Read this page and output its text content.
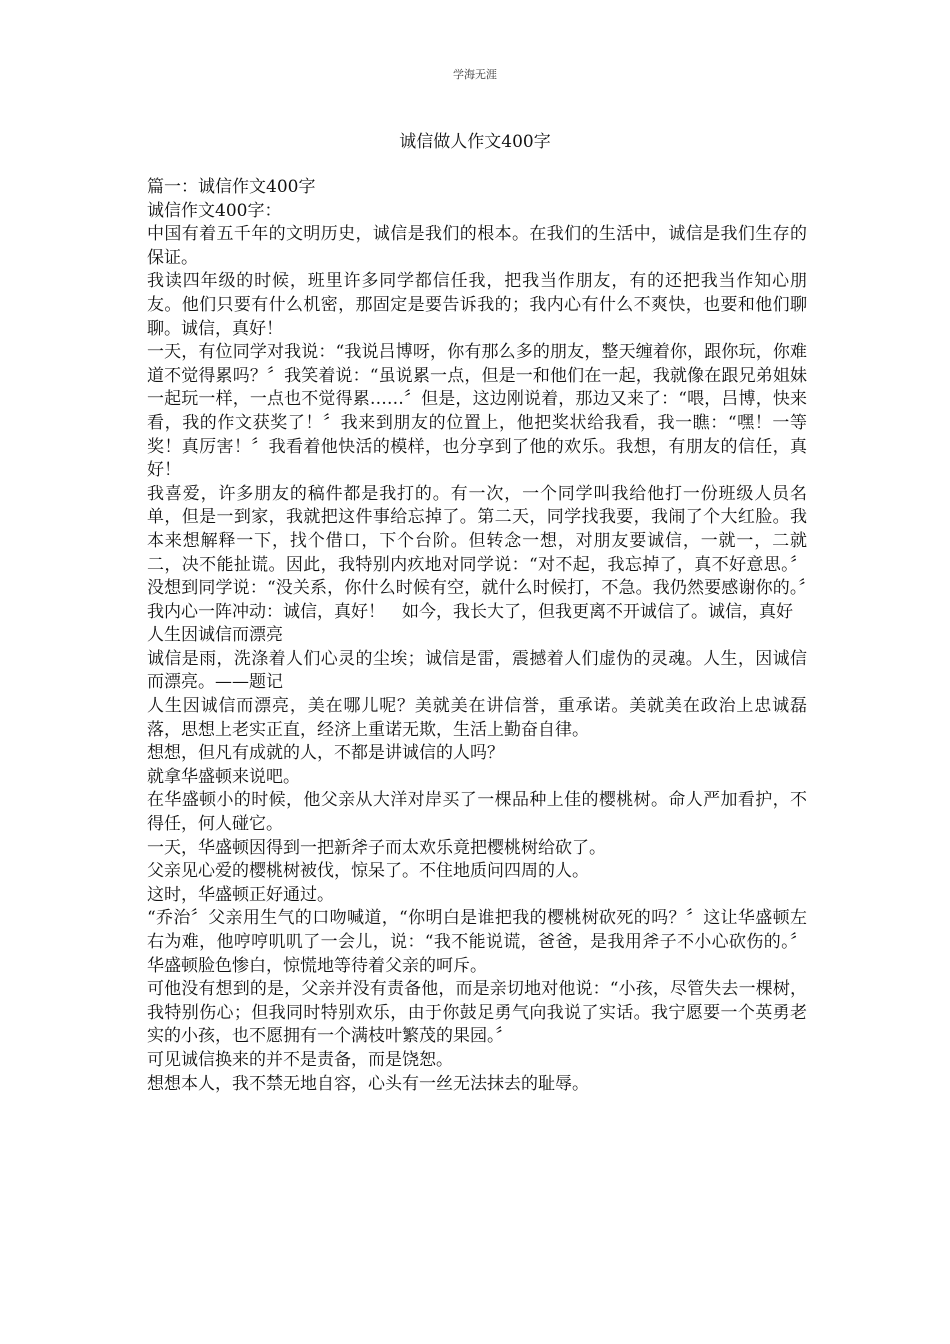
学海无涯
诚信做人作文400字

篇一：诚信作文400字

诚信作文400字：

中国有着五千年的文明历史，诚信是我们的根本。在我们的生活中，诚信是我们生存的保证。

我读四年级的时候，班里许多同学都信任我，把我当作朋友，有的还把我当作知心朋友。他们只要有什么机密，那固定是要告诉我的；我内心有什么不爽快，也要和他们聊聊。诚信，真好！

一天，有位同学对我说：“我说吕博呀，你有那么多的朋友，整天缠着你，跟你玩，你难道不觉得累吗？〞我笑着说：“虽说累一点，但是一和他们在一起，我就像在跟兄弟姐妹一起玩一样，一点也不觉得累……〞但是，这边刚说着，那边又来了：“喂，吕博，快来看，我的作文获奖了！〞我来到朋友的位置上，他把奖状给我看，我一瞧：“嘿！一等奖！真厉害！〞我看着他快活的模样，也分享到了他的欢乐。我想，有朋友的信任，真好！

我喜爱，许多朋友的稿件都是我打的。有一次，一个同学叫我给他打一份班级人员名单，但是一到家，我就把这件事给忘掉了。第二天，同学找我要，我闹了个大红脸。我本来想解释一下，找个借口，下个台阶。但转念一想，对朋友要诚信，一就一，二就二，决不能扯谎。因此，我特别内疚地对同学说：“对不起，我忘掉了，真不好意思。〞没想到同学说：“没关系，你什么时候有空，就什么时候打，不急。我仍然要感谢你的。〞我内心一阵冲动：诚信，真好！　如今，我长大了，但我更离不开诚信了。诚信，真好

人生因诚信而漂亮

诚信是雨，洗涤着人们心灵的尘埃；诚信是雷，震撼着人们虚伪的灵魂。人生，因诚信而漂亮。——题记

人生因诚信而漂亮，美在哪儿呢？美就美在讲信誉，重承诺。美就美在政治上忠诚磊落，思想上老实正直，经济上重诺无欺，生活上勤奋自律。

想想，但凡有成就的人，不都是讲诚信的人吗？

就拿华盛顿来说吧。

在华盛顿小的时候，他父亲从大洋对岸买了一棵品种上佳的樱桃树。命人严加看护，不得任，何人碰它。

一天，华盛顿因得到一把新斧子而太欢乐竟把樱桃树给砍了。

父亲见心爱的樱桃树被伐，惊呆了。不住地质问四周的人。

这时，华盛顿正好通过。

“乔治〞父亲用生气的口吻喊道，“你明白是谁把我的樱桃树砍死的吗？〞这让华盛顿左右为难，他哼哼叽叽了一会儿，说：“我不能说谎，爸爸，是我用斧子不小心砍伤的。〞华盛顿脸色惨白，惊慌地等待着父亲的呵斥。

可他没有想到的是，父亲并没有责备他，而是亲切地对他说：“小孩，尽管失去一棵树，我特别伤心；但我同时特别欢乐，由于你鼓足勇气向我说了实话。我宁愿要一个英勇老实的小孩，也不愿拥有一个满枝叶繁茂的果园。〞

可见诚信换来的并不是责备，而是饶恕。

想想本人，我不禁无地自容，心头有一丝无法抹去的耻辱。
